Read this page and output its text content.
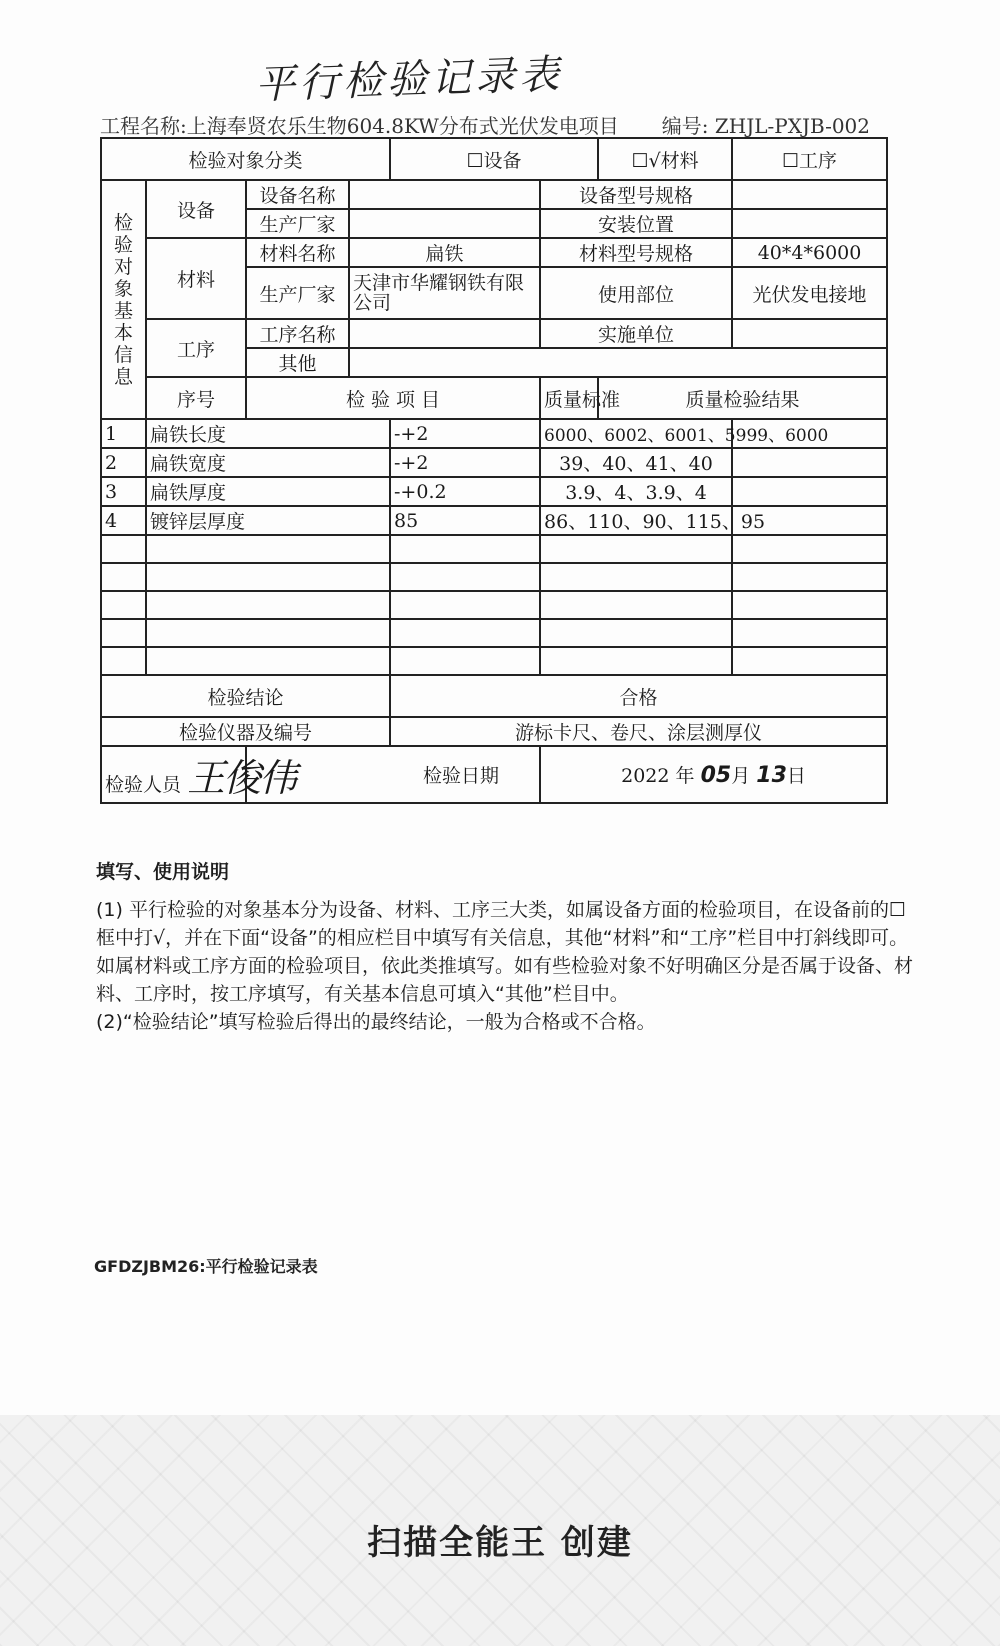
平行检验记录表
工程名称:上海奉贤农乐生物604.8KW分布式光伏发电项目 编号: ZHJL-PXJB-002
检验对象分类				☐设备		☐√材料	☐工序	
检验对象基本信息	设备	设备名称			设备型号规格			
		生产厂家			安装位置			
	材料	材料名称	扁铁		材料型号规格		40*4*6000	
		生产厂家	天津市华耀钢铁有限公司		使用部位		光伏发电接地	
	工序	工序名称			实施单位			
		其他						
	序号	检 验 项 目			质量标准	质量检验结果	
1	扁铁长度			-+2	6000、6002、6001、5999、6000			
2	扁铁宽度			-+2	39、40、41、40			
3	扁铁厚度			-+0.2	3.9、4、3.9、4			
4	镀锌层厚度			85	86、110、90、115、95			

检验结论				合格				
检验仪器及编号				游标卡尺、卷尺、涂层测厚仪				
检验人员 王俊伟		检验日期			2022 年 05月 13日			
填写、使用说明

(1) 平行检验的对象基本分为设备、材料、工序三大类，如属设备方面的检验项目，在设备前的☐框中打√，并在下面“设备”的相应栏目中填写有关信息，其他“材料”和“工序”栏目中打斜线即可。如属材料或工序方面的检验项目，依此类推填写。如有些检验对象不好明确区分是否属于设备、材料、工序时，按工序填写，有关基本信息可填入“其他”栏目中。

(2)“检验结论”填写检验后得出的最终结论，一般为合格或不合格。

GFDZJBM26:平行检验记录表
扫描全能王 创建
